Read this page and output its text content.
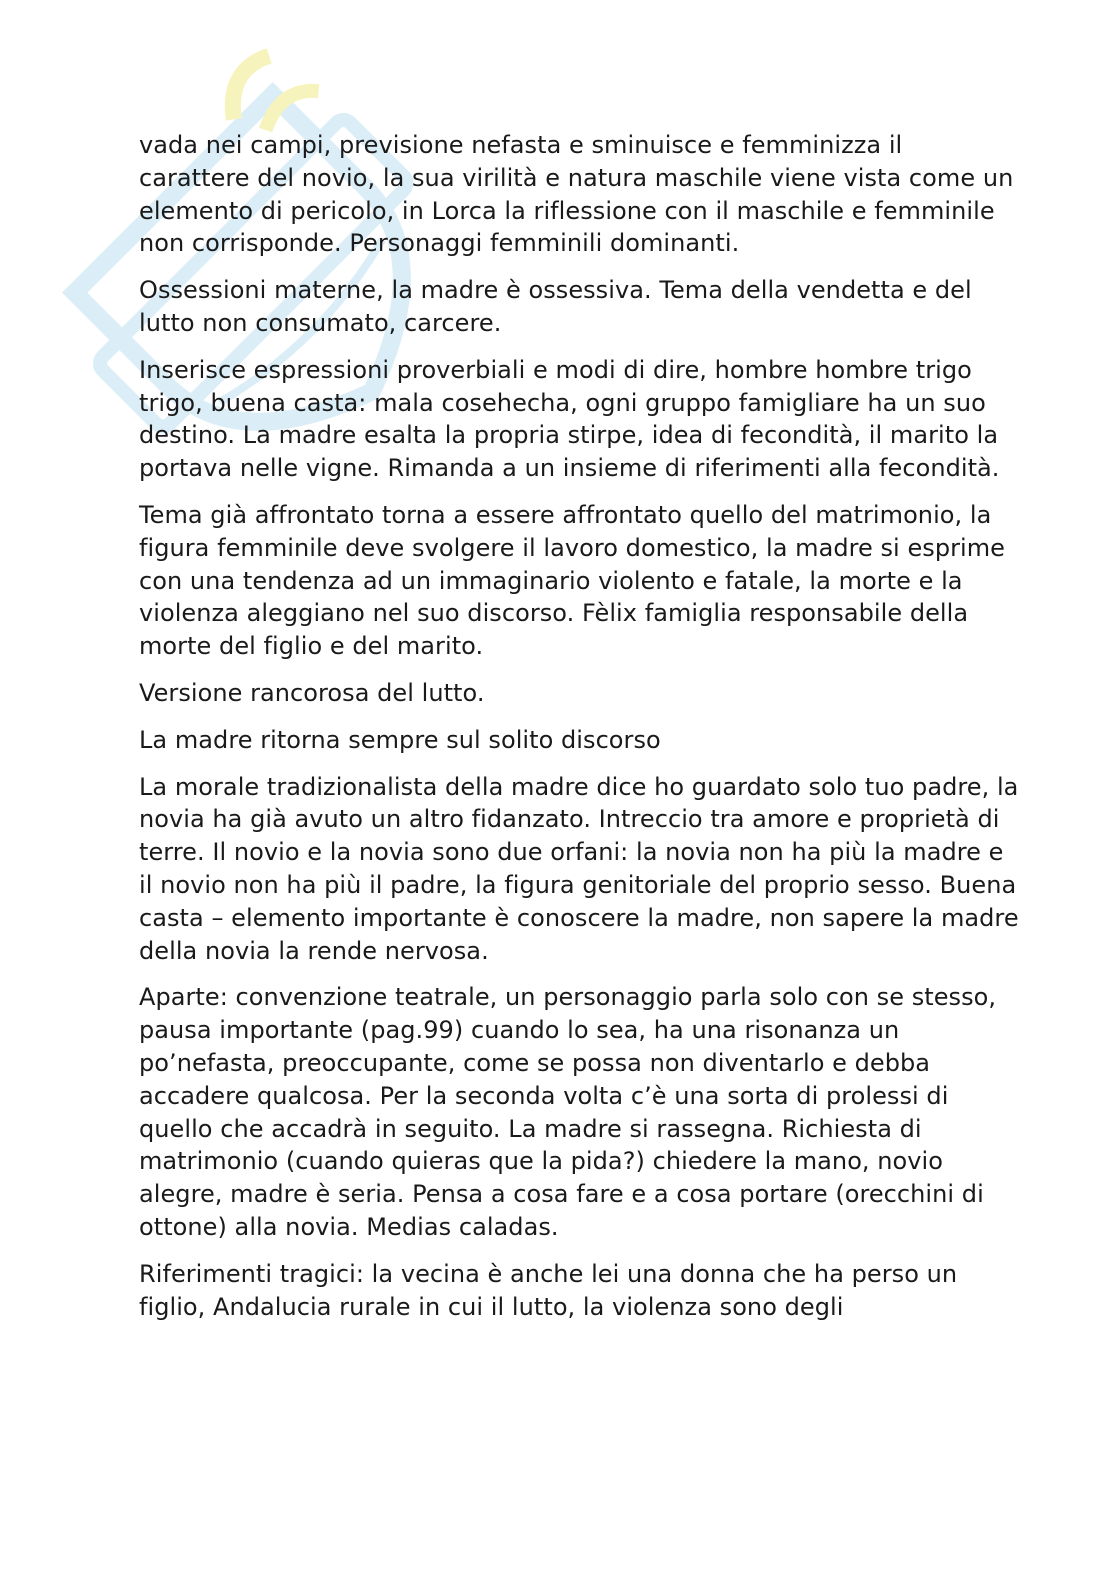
vada nei campi, previsione nefasta e sminuisce e femminizza il carattere del novio, la sua virilità e natura maschile viene vista come un elemento di pericolo, in Lorca la riflessione con il maschile e femminile non corrisponde. Personaggi femminili dominanti.

Ossessioni materne, la madre è ossessiva. Tema della vendetta e del lutto non consumato, carcere.

Inserisce espressioni proverbiali e modi di dire, hombre hombre trigo trigo, buena casta: mala cosehecha, ogni gruppo famigliare ha un suo destino. La madre esalta la propria stirpe, idea di fecondità, il marito la portava nelle vigne. Rimanda a un insieme di riferimenti alla fecondità.

Tema già affrontato torna a essere affrontato quello del matrimonio, la figura femminile deve svolgere il lavoro domestico, la madre si esprime con una tendenza ad un immaginario violento e fatale, la morte e la violenza aleggiano nel suo discorso. Fèlix famiglia responsabile della morte del figlio e del marito.

Versione rancorosa del lutto.

La madre ritorna sempre sul solito discorso

La morale tradizionalista della madre dice ho guardato solo tuo padre, la novia ha già avuto un altro fidanzato. Intreccio tra amore e proprietà di terre. Il novio e la novia sono due orfani: la novia non ha più la madre e il novio non ha più il padre, la figura genitoriale del proprio sesso. Buena casta – elemento importante è conoscere la madre, non sapere la madre della novia la rende nervosa.

Aparte: convenzione teatrale, un personaggio parla solo con se stesso, pausa importante (pag.99) cuando lo sea, ha una risonanza un po’nefasta, preoccupante, come se possa non diventarlo e debba accadere qualcosa. Per la seconda volta c’è una sorta di prolessi di quello che accadrà in seguito. La madre si rassegna. Richiesta di matrimonio (cuando quieras que la pida?) chiedere la mano, novio alegre, madre è seria. Pensa a cosa fare e a cosa portare (orecchini di ottone) alla novia. Medias caladas.

Riferimenti tragici: la vecina è anche lei una donna che ha perso un figlio, Andalucia rurale in cui il lutto, la violenza sono degli
